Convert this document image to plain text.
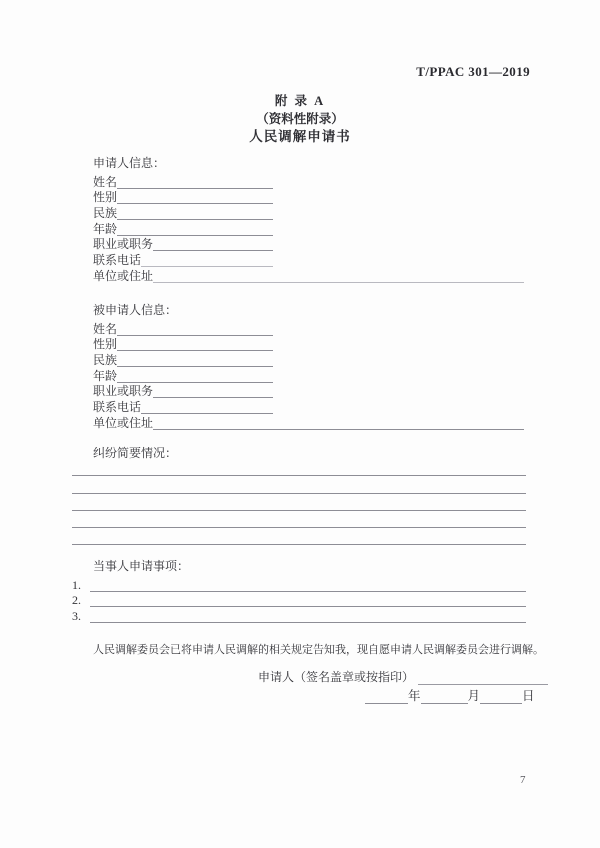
T/PPAC 301—2019
附 录 A
（资料性附录）
人民调解申请书
申请人信息：
姓名
性别
民族
年龄
职业或职务
联系电话
单位或住址
被申请人信息：
姓名
性别
民族
年龄
职业或职务
联系电话
单位或住址
纠纷简要情况：
当事人申请事项：
1.
2.
3.
人民调解委员会已将申请人民调解的相关规定告知我，现自愿申请人民调解委员会进行调解。
申请人（签名盖章或按指印）
年	月	日
7
